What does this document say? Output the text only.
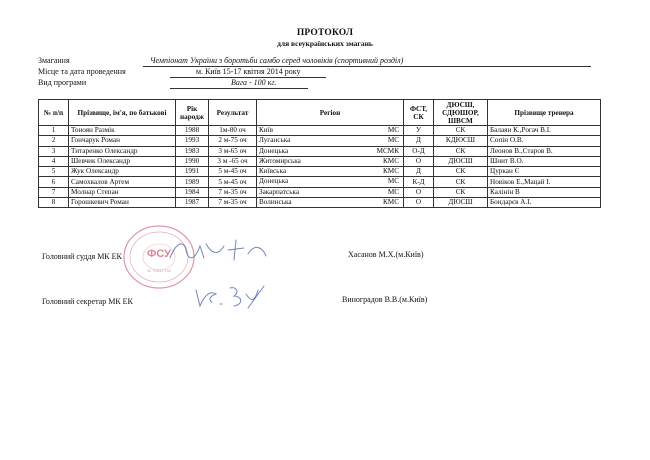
ПРОТОКОЛ
для всеукраїнських змагань
Змагання	Чемпіонат України з боротьби самбо серед чоловіків (спортивний розділ)
Місце та дата проведення	м. Київ 15-17 квітня 2014 року
Вид програми	Вага - 100 кг.
№ п/п	Прізвище, ім'я, по батькові	Рік народж	Результат	Регіон	ФСТ, СК	ДЮСШ, СДЮШОР, ШВСМ	Прізвище тренера
1	Тоноян Размік	1988	1м-80 оч	Київ МС	У	СК	Балаян К.,Рогач В.І.
2	Гончарук Роман	1993	2 м-75 оч	Луганська МС	Д	КДЮСШ	Сопін О.В.
3	Титаренко Олександр	1983	3 м-65 оч	Донецька МСМК	О-Д	СК	Леонов В.,Старов В.
4	Шевчик Олександр	1990	3 м -65 оч	Житомирська КМС	О	ДЮСШ	Шнит В.О.
5	Жук Олександр	1991	5 м-45 оч	Київська КМС	Д	СК	Цуркан Є
6	Самохвалов Артем	1989	5 м-45 оч	Донецька МС	К-Д	СК	Новіков Е.,Мацай І.
7	Молнар Степан	1984	7 м-35 оч	Закарпатська МС	О	СК	Калінін В
8	Горошкевич Роман	1987	7 м-35 оч	Волинська КМС	О	ДЮСШ	Бондарєв А.І.
ФСУ
00 74832 192
Головний суддя МК ЕК	Хасанов М.Х.(м.Київ)
Головний секретар МК ЕК	Виноградов В.В.(м.Київ)
